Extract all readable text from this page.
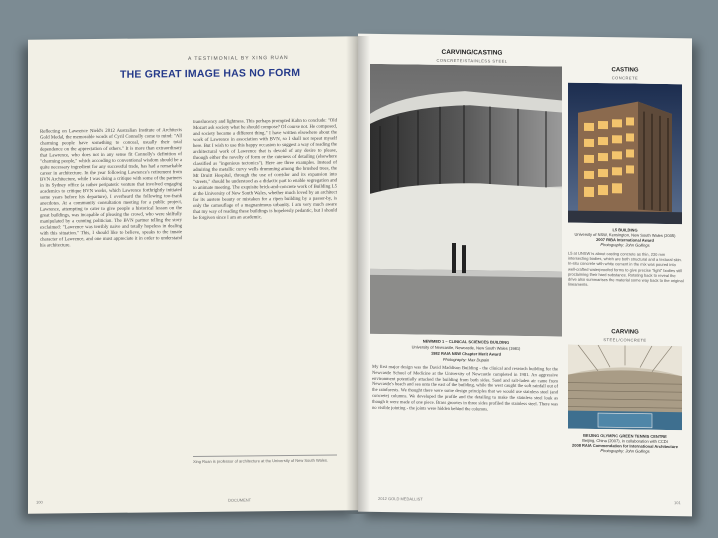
A TESTIMONIAL BY XING RUAN
THE GREAT IMAGE HAS NO FORM
Reflecting on Lawrence Nield's 2012 Australian Institute of Architects Gold Medal, the memorable words of Cyril Connolly come to mind: "All charming people have something to conceal, usually their total dependence on the appreciation of others." It is more than extraordinary that Lawrence, who does not in any sense fit Connolly's definition of "charming people," which according to conventional wisdom should be a quite necessary ingredient for any successful trade, has had a remarkable career in architecture. In the year following Lawrence's retirement from BVN Architecture, while I was doing a critique with some of the partners in its Sydney office (a rather peripatetic venture that involved engaging academics to critique BVN works, which Lawrence forthrightly initiated some years before his departure), I overheard the following too-frank anecdotes. At a community consultation meeting for a public project, Lawrence, attempting to cater to give people a historical lesson on the great buildings, was incapable of pleasing the crowd, who were skilfully manipulated by a cunning politician. The BVN partner telling the story exclaimed: "Lawrence was terribly naive and totally hopeless in dealing with this situation." This, I should like to believe, speaks to the innate character of Lawrence, and one must appreciate it in order to understand his architecture.
translucency and lightness. This perhaps prompted Kahn to conclude: "Old Mozart ask society what he should compose? Of course not. He composed, and society became a different thing." I have written elsewhere about the work of Lawrence in association with BVN, so I shall not repeat myself here. But I wish to use this happy occasion to suggest a way of reading the architectural work of Lawrence that is devoid of any desire to please, through either the novelty of form or the cuteness of detailing (elsewhere classified as "ingenious tectonics"). Here are three examples. Instead of admiring the metallic curvy wells drumming among the brushed trees, the Mt Druitt Hospital, through the use of corridor and its expansion into "streets," should be understood as a didactic part to enable segregation and to animate meeting. The exquisite brick-and-concrete work of Building L5 at the University of New South Wales, whether much loved by an architect for its austere beauty or mistaken for a ripen building by a passer-by, is only the camouflage of a magnanimous urbanity. I am very much aware that my way of reading these buildings is hopelessly pedantic, but I should be forgiven since I am an academic.
Xing Ruan is professor of architecture at the University of New South Wales.
100	DOCUMENT
CARVING/CASTING
CONCRETE/STAINLESS STEEL
NEWMED 1 – CLINICAL SCIENCES BUILDING
University of Newcastle, Newcastle, New South Wales (1981)
1982 RAIA NSW Chapter Merit Award
Photography: Max Dupain
CASTING
CONCRETE
L5 BUILDING
University of NSW, Kensington, New South Wales (2005)
2007 RIBA International Award
Photography: John Gollings
L5 at UNSW is about casting concrete as thin, 230 mm intersecting bodies, which are both structural and a textural skin. In-situ concrete with white cement in the mix was poured into well-crafted waterproofed forms to give precise "light" bodies still proclaiming their hard substance. Rotating back to reveal the drive also summarises the material some way back to the original lineaments.
CARVING
STEEL/CONCRETE
BEIJING OLYMPIC GREEN TENNIS CENTRE
Beijing, China (2007), in collaboration with CCDI
2008 RAIA Commendation for International Architecture
Photography: John Gollings
My first major design was the David Maddison Building - the clinical and research building for the Newcastle School of Medicine at the University of Newcastle completed in 1981. An aggressive environment potentially attacked the building from both sides. Sand and salt-laden air came from Newcastle's beach and sea onto the east of the building, while the west caught the soft rainfall out of the rainforests. We thought there were some design principles that we would use stainless steel (and concrete) columns. We developed the profile and the detailing to make the stainless steel look as though it were made of one piece. Brass grooves in three sides profiled the stainless steel. There was no visible jointing - the joints were hidden behind the columns.
2012 GOLD MEDALLIST
101
